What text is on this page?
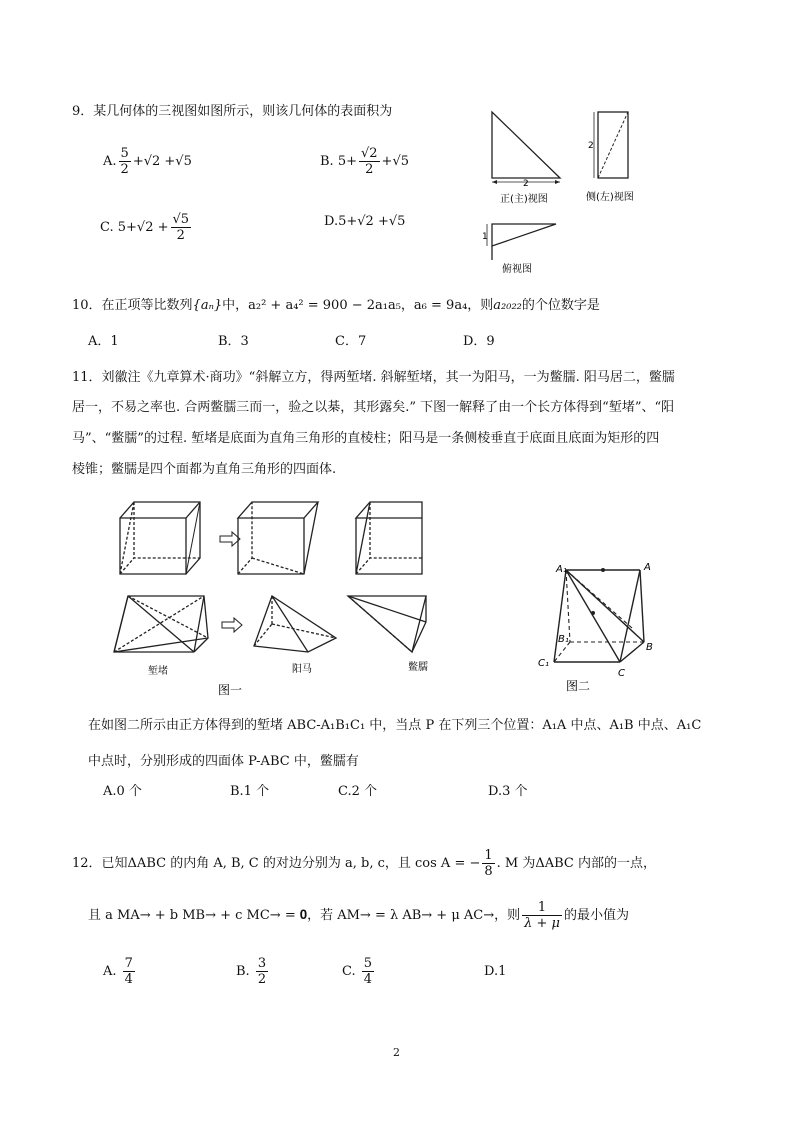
2
9．某几何体的三视图如图所示，则该几何体的表面积为
A. $\frac{5}{2} +√2 +√5$	B. $5+ \frac{√2}{2} +√5$
C. $5+√2 + \frac{√5}{2}$	D.5+√2 +√5
2
正(主)视图
2
侧(左)视图
1
俯视图
10．在正项等比数列{aₙ}中，a₂² + a₄² = 900 − 2a₁a₅，a₆ = 9a₄，则a₂₀₂₂的个位数字是
A．1	B．3	C．7	D．9
11．刘徽注《九章算术·商功》“斜解立方，得两堑堵. 斜解堑堵，其一为阳马，一为鳖臑. 阳马居二，鳖臑
居一，不易之率也. 合两鳖臑三而一，验之以棊，其形露矣.” 下图一解释了由一个长方体得到“堑堵”、“阳
马”、“鳖臑”的过程. 堑堵是底面为直角三角形的直棱柱；阳马是一条侧棱垂直于底面且底面为矩形的四
棱锥；鳖臑是四个面都为直角三角形的四面体.
堑堵	阳马	鳖臑
图一
A₁	A
B₁
B
C₁
C
图二
在如图二所示由正方体得到的堑堵 ABC-A₁B₁C₁ 中，当点 P 在下列三个位置：A₁A 中点、A₁B 中点、A₁C
中点时，分别形成的四面体 P-ABC 中，鳖臑有
A.0 个	B.1 个	C.2 个	D.3 个
12．已知ΔABC 的内角 A, B, C 的对边分别为 a, b, c，且 cos A = − $\frac{1}{8}$ . M 为ΔABC 内部的一点，
且 a MA→ + b MB→ + c MC→ = 𝟎，若 AM→ = λ AB→ + μ AC→，则 $\frac{1}{\lambda + \mu}$ 的最小值为
A. $\frac{7}{4}$	B. $\frac{3}{2}$	C. $\frac{5}{4}$	D.1
